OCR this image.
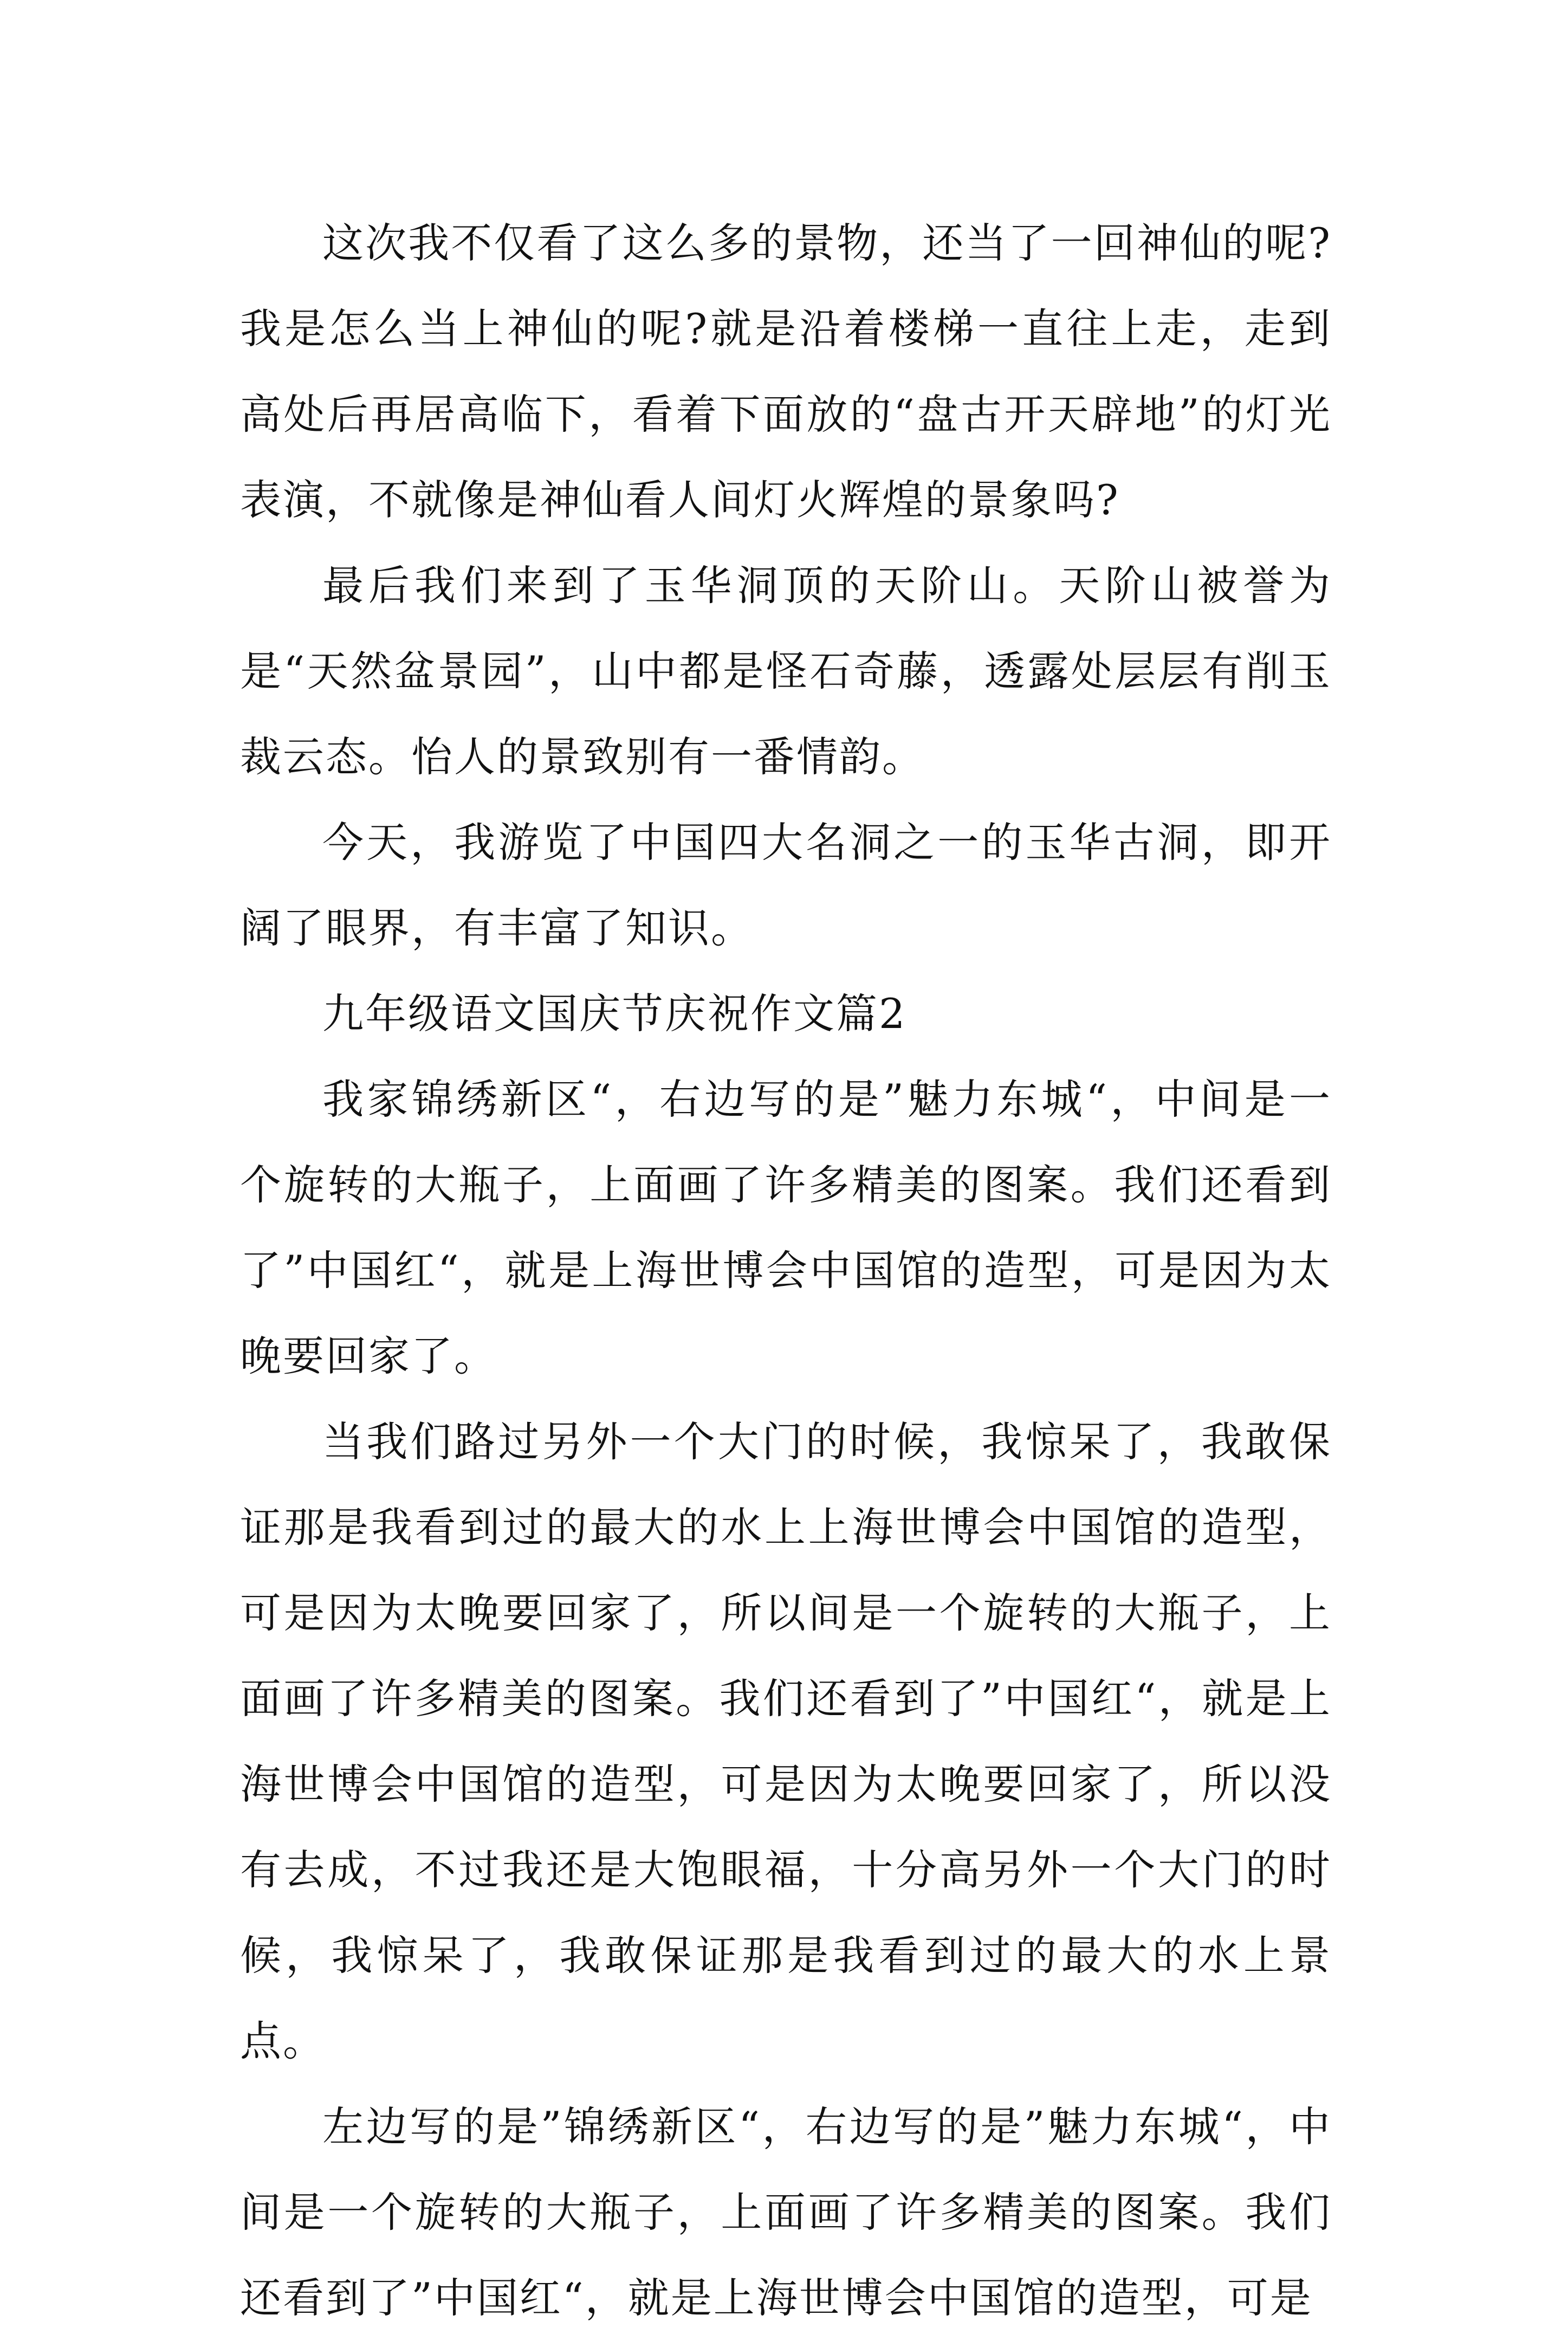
这次我不仅看了这么多的景物，还当了一回神仙的呢?我是怎么当上神仙的呢?就是沿着楼梯一直往上走，走到高处后再居高临下，看着下面放的“盘古开天辟地”的灯光表演，不就像是神仙看人间灯火辉煌的景象吗?

最后我们来到了玉华洞顶的天阶山。天阶山被誉为是“天然盆景园”，山中都是怪石奇藤，透露处层层有削玉裁云态。怡人的景致别有一番情韵。

今天，我游览了中国四大名洞之一的玉华古洞，即开阔了眼界，有丰富了知识。

九年级语文国庆节庆祝作文篇2

我家锦绣新区“，右边写的是”魅力东城“，中间是一个旋转的大瓶子，上面画了许多精美的图案。我们还看到了”中国红“，就是上海世博会中国馆的造型，可是因为太晚要回家了。

当我们路过另外一个大门的时候，我惊呆了，我敢保证那是我看到过的最大的水上上海世博会中国馆的造型，可是因为太晚要回家了，所以间是一个旋转的大瓶子，上面画了许多精美的图案。我们还看到了”中国红“，就是上海世博会中国馆的造型，可是因为太晚要回家了，所以没有去成，不过我还是大饱眼福，十分高另外一个大门的时候，我惊呆了，我敢保证那是我看到过的最大的水上景点。

左边写的是”锦绣新区“，右边写的是”魅力东城“，中间是一个旋转的大瓶子，上面画了许多精美的图案。我们还看到了”中国红“，就是上海世博会中国馆的造型，可是
